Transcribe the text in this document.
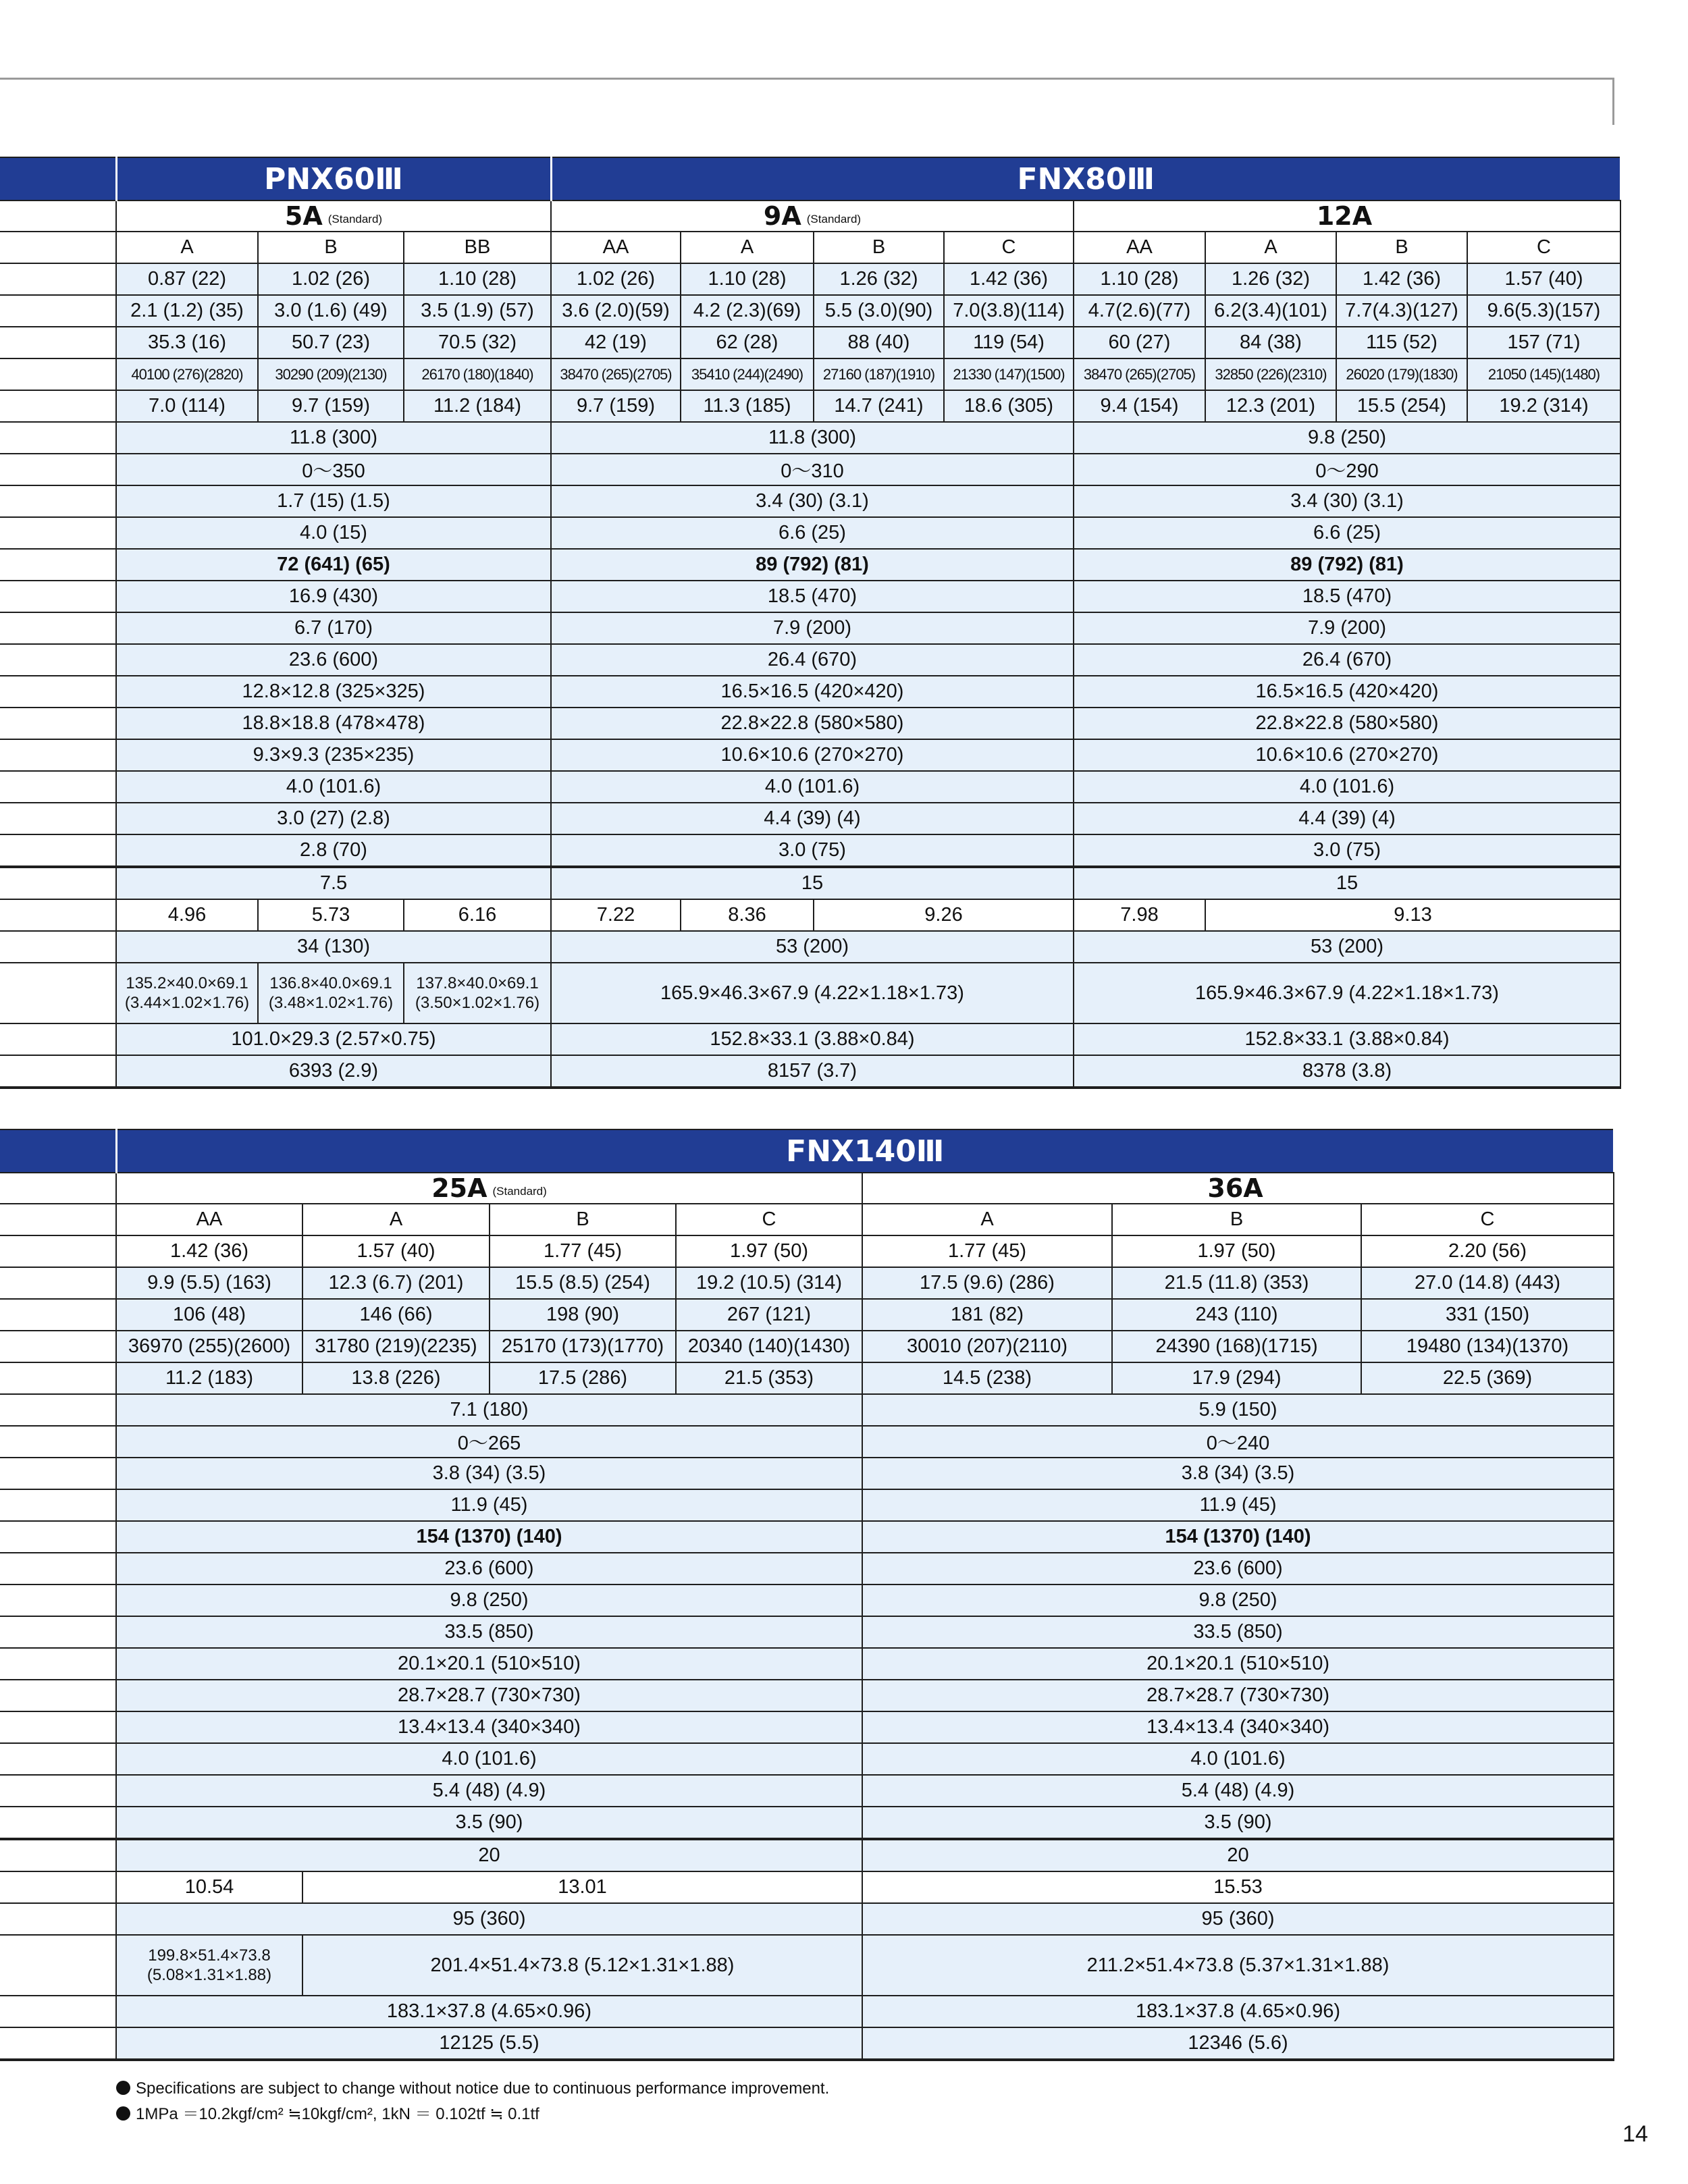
	PNX60Ⅲ			FNX80Ⅲ							
	5A (Standard)			9A (Standard)				12A			
	A	B	BB	AA	A	B	C	AA	A	B	C
	0.87 (22)	1.02 (26)	1.10 (28)	1.02 (26)	1.10 (28)	1.26 (32)	1.42 (36)	1.10 (28)	1.26 (32)	1.42 (36)	1.57 (40)
	2.1 (1.2) (35)	3.0 (1.6) (49)	3.5 (1.9) (57)	3.6 (2.0)(59)	4.2 (2.3)(69)	5.5 (3.0)(90)	7.0(3.8)(114)	4.7(2.6)(77)	6.2(3.4)(101)	7.7(4.3)(127)	9.6(5.3)(157)
	35.3 (16)	50.7 (23)	70.5 (32)	42 (19)	62 (28)	88 (40)	119 (54)	60 (27)	84 (38)	115 (52)	157 (71)
	40100 (276)(2820)	30290 (209)(2130)	26170 (180)(1840)	38470 (265)(2705)	35410 (244)(2490)	27160 (187)(1910)	21330 (147)(1500)	38470 (265)(2705)	32850 (226)(2310)	26020 (179)(1830)	21050 (145)(1480)
	7.0 (114)	9.7 (159)	11.2 (184)	9.7 (159)	11.3 (185)	14.7 (241)	18.6 (305)	9.4 (154)	12.3 (201)	15.5 (254)	19.2 (314)
	11.8 (300)			11.8 (300)				9.8 (250)			
	0～350			0～310				0～290			
	1.7 (15) (1.5)			3.4 (30) (3.1)				3.4 (30) (3.1)			
	4.0 (15)			6.6 (25)				6.6 (25)			
	72 (641) (65)			89 (792) (81)				89 (792) (81)			
	16.9 (430)			18.5 (470)				18.5 (470)			
	6.7 (170)			7.9 (200)				7.9 (200)			
	23.6 (600)			26.4 (670)				26.4 (670)			
	12.8×12.8 (325×325)			16.5×16.5 (420×420)				16.5×16.5 (420×420)			
	18.8×18.8 (478×478)			22.8×22.8 (580×580)				22.8×22.8 (580×580)			
	9.3×9.3 (235×235)			10.6×10.6 (270×270)				10.6×10.6 (270×270)			
	4.0 (101.6)			4.0 (101.6)				4.0 (101.6)			
	3.0 (27) (2.8)			4.4 (39) (4)				4.4 (39) (4)			
	2.8 (70)			3.0 (75)				3.0 (75)			
	7.5			15				15			
	4.96	5.73	6.16	7.22	8.36	9.26		7.98	9.13		
	34 (130)			53 (200)				53 (200)			
	135.2×40.0×69.1 (3.44×1.02×1.76)	136.8×40.0×69.1 (3.48×1.02×1.76)	137.8×40.0×69.1 (3.50×1.02×1.76)	165.9×46.3×67.9 (4.22×1.18×1.73)				165.9×46.3×67.9 (4.22×1.18×1.73)			
	101.0×29.3 (2.57×0.75)			152.8×33.1 (3.88×0.84)				152.8×33.1 (3.88×0.84)			
	6393 (2.9)			8157 (3.7)				8378 (3.8)			
	FNX140Ⅲ						
	25A (Standard)				36A		
	AA	A	B	C	A	B	C
	1.42 (36)	1.57 (40)	1.77 (45)	1.97 (50)	1.77 (45)	1.97 (50)	2.20 (56)
	9.9 (5.5) (163)	12.3 (6.7) (201)	15.5 (8.5) (254)	19.2 (10.5) (314)	17.5 (9.6) (286)	21.5 (11.8) (353)	27.0 (14.8) (443)
	106 (48)	146 (66)	198 (90)	267 (121)	181 (82)	243 (110)	331 (150)
	36970 (255)(2600)	31780 (219)(2235)	25170 (173)(1770)	20340 (140)(1430)	30010 (207)(2110)	24390 (168)(1715)	19480 (134)(1370)
	11.2 (183)	13.8 (226)	17.5 (286)	21.5 (353)	14.5 (238)	17.9 (294)	22.5 (369)
	7.1 (180)				5.9 (150)		
	0～265				0～240		
	3.8 (34) (3.5)				3.8 (34) (3.5)		
	11.9 (45)				11.9 (45)		
	154 (1370) (140)				154 (1370) (140)		
	23.6 (600)				23.6 (600)		
	9.8 (250)				9.8 (250)		
	33.5 (850)				33.5 (850)		
	20.1×20.1 (510×510)				20.1×20.1 (510×510)		
	28.7×28.7 (730×730)				28.7×28.7 (730×730)		
	13.4×13.4 (340×340)				13.4×13.4 (340×340)		
	4.0 (101.6)				4.0 (101.6)		
	5.4 (48) (4.9)				5.4 (48) (4.9)		
	3.5 (90)				3.5 (90)		
	20				20		
	10.54	13.01			15.53		
	95 (360)				95 (360)		
	199.8×51.4×73.8 (5.08×1.31×1.88)	201.4×51.4×73.8 (5.12×1.31×1.88)			211.2×51.4×73.8 (5.37×1.31×1.88)		
	183.1×37.8 (4.65×0.96)				183.1×37.8 (4.65×0.96)		
	12125 (5.5)				12346 (5.6)		

Specifications are subject to change without notice due to continuous performance improvement.

1MPa ＝10.2kgf/cm² ≒10kgf/cm², 1kN ＝ 0.102tf ≒ 0.1tf

14
